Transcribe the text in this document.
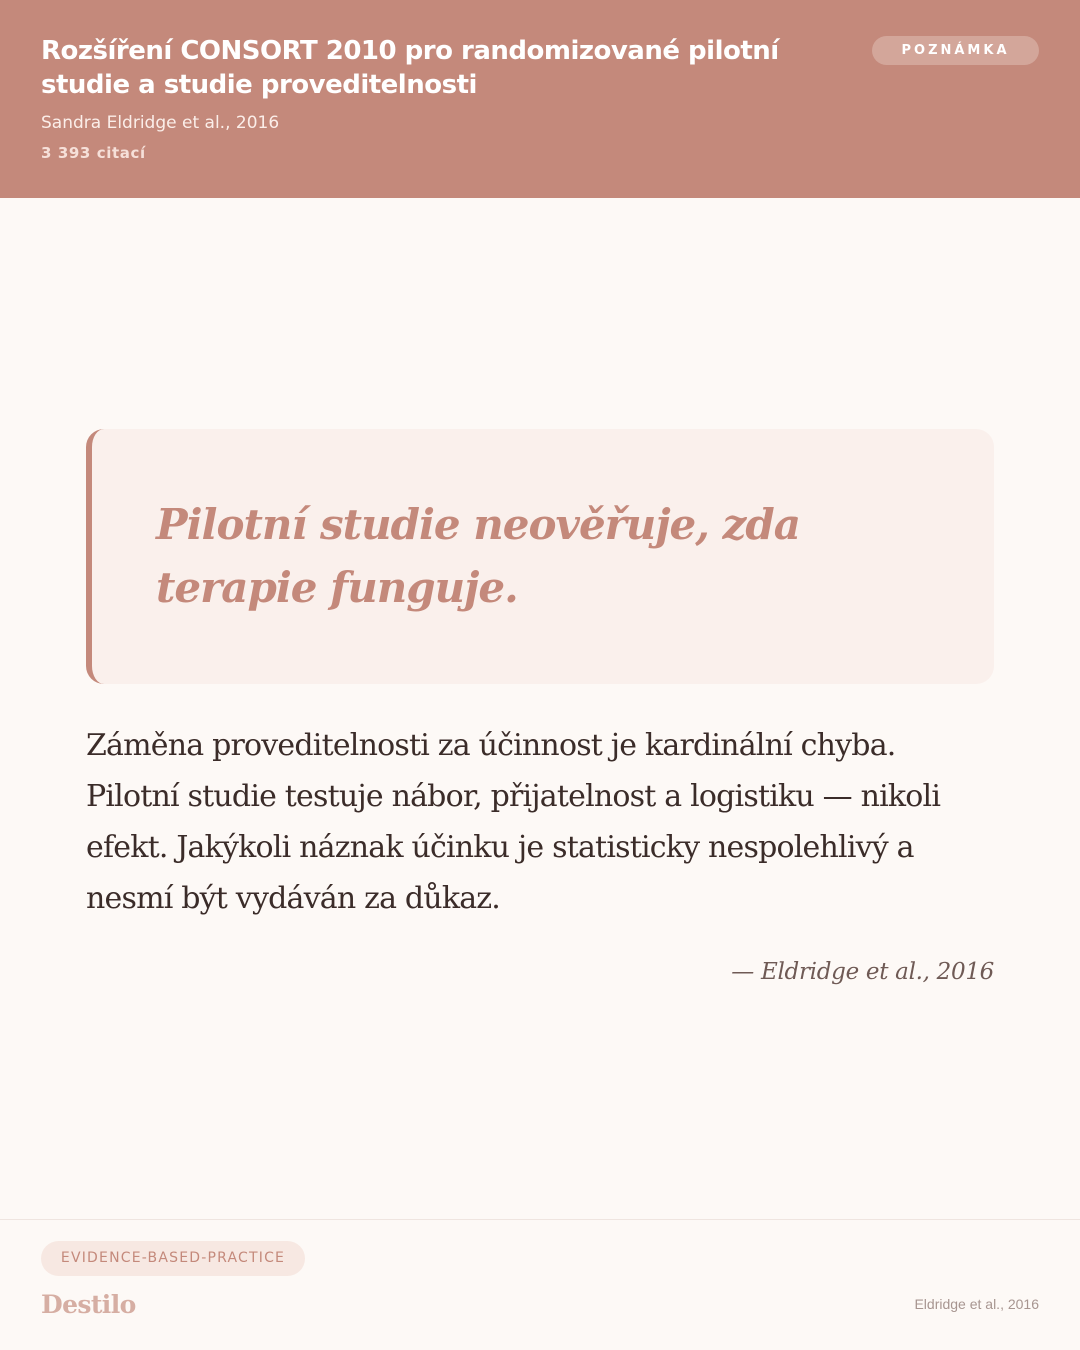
Rozšíření CONSORT 2010 pro randomizované pilotní studie a studie proveditelnosti
Sandra Eldridge et al., 2016
3 393 citací
POZNÁMKA
Pilotní studie neověřuje, zda terapie funguje.
Záměna proveditelnosti za účinnost je kardinální chyba. Pilotní studie testuje nábor, přijatelnost a logistiku — nikoli efekt. Jakýkoli náznak účinku je statisticky nespolehlivý a nesmí být vydáván za důkaz.
— Eldridge et al., 2016
EVIDENCE-BASED-PRACTICE
Destilo	Eldridge et al., 2016
